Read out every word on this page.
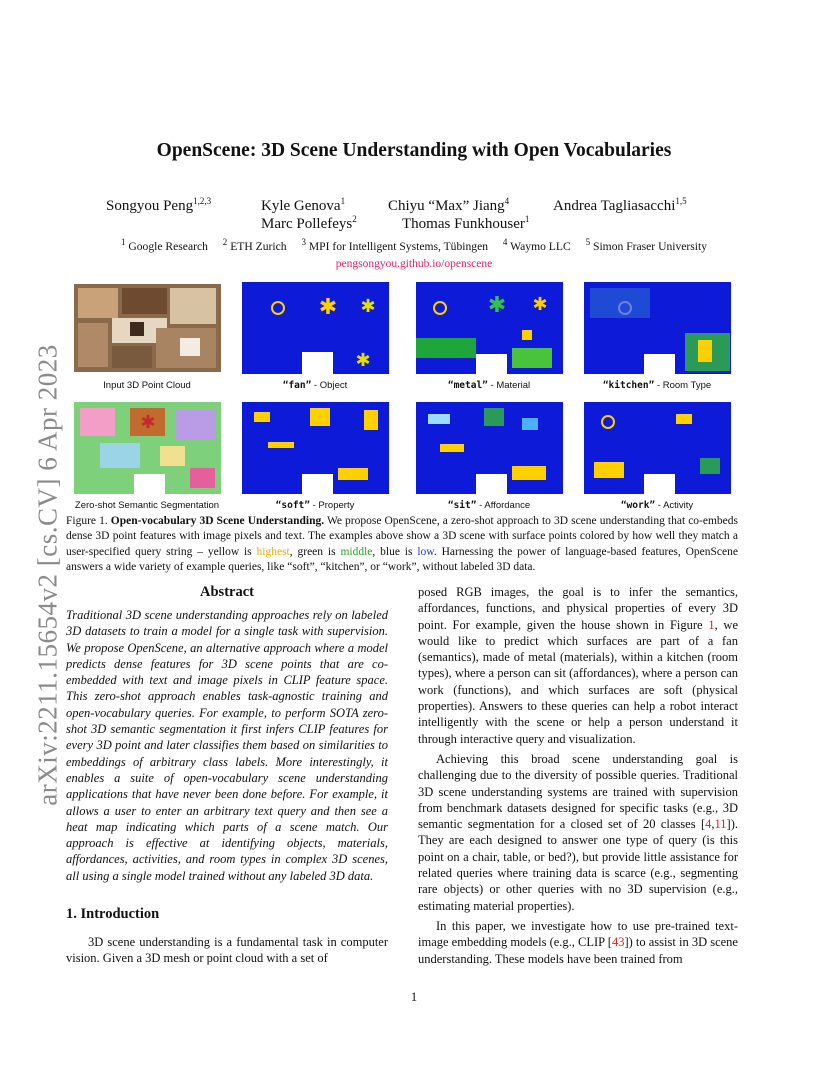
arXiv:2211.15654v2 [cs.CV] 6 Apr 2023
OpenScene: 3D Scene Understanding with Open Vocabularies
Songyou Peng$^{1,2,3}$	Kyle Genova$^1$	Chiyu “Max” Jiang$^4$	Andrea Tagliasacchi$^{1,5}$
Marc Pollefeys$^2$	Thomas Funkhouser$^1$
$^1$ Google Research $^2$ ETH Zurich $^3$ MPI for Intelligent Systems, Tübingen $^4$ Waymo LLC $^5$ Simon Fraser University
pengsongyou.github.io/openscene
✱ ✱
✱
✱ ✱
✱
Input 3D Point Cloud	“fan” - Object	“metal” - Material	“kitchen” - Room Type
Zero-shot Semantic Segmentation	“soft” - Property	“sit” - Affordance	“work” - Activity
Figure 1. Open-vocabulary 3D Scene Understanding. We propose OpenScene, a zero-shot approach to 3D scene understanding that co-embeds dense 3D point features with image pixels and text. The examples above show a 3D scene with surface points colored by how well they match a user-specified query string – yellow is highest, green is middle, blue is low. Harnessing the power of language-based features, OpenScene answers a wide variety of example queries, like “soft”, “kitchen”, or “work”, without labeled 3D data.
Abstract
Traditional 3D scene understanding approaches rely on labeled 3D datasets to train a model for a single task with supervision. We propose OpenScene, an alternative approach where a model predicts dense features for 3D scene points that are co-embedded with text and image pixels in CLIP feature space. This zero-shot approach enables task-agnostic training and open-vocabulary queries. For example, to perform SOTA zero-shot 3D semantic segmentation it first infers CLIP features for every 3D point and later classifies them based on similarities to embeddings of arbitrary class labels. More interestingly, it enables a suite of open-vocabulary scene understanding applications that have never been done before. For example, it allows a user to enter an arbitrary text query and then see a heat map indicating which parts of a scene match. Our approach is effective at identifying objects, materials, affordances, activities, and room types in complex 3D scenes, all using a single model trained without any labeled 3D data.
1. Introduction
3D scene understanding is a fundamental task in computer vision. Given a 3D mesh or point cloud with a set of

posed RGB images, the goal is to infer the semantics, affordances, functions, and physical properties of every 3D point. For example, given the house shown in Figure 1, we would like to predict which surfaces are part of a fan (semantics), made of metal (materials), within a kitchen (room types), where a person can sit (affordances), where a person can work (functions), and which surfaces are soft (physical properties). Answers to these queries can help a robot interact intelligently with the scene or help a person understand it through interactive query and visualization.

Achieving this broad scene understanding goal is challenging due to the diversity of possible queries. Traditional 3D scene understanding systems are trained with supervision from benchmark datasets designed for specific tasks (e.g., 3D semantic segmentation for a closed set of 20 classes [4,11]). They are each designed to answer one type of query (is this point on a chair, table, or bed?), but provide little assistance for related queries where training data is scarce (e.g., segmenting rare objects) or other queries with no 3D supervision (e.g., estimating material properties).

In this paper, we investigate how to use pre-trained text-image embedding models (e.g., CLIP [43]) to assist in 3D scene understanding. These models have been trained from

1
